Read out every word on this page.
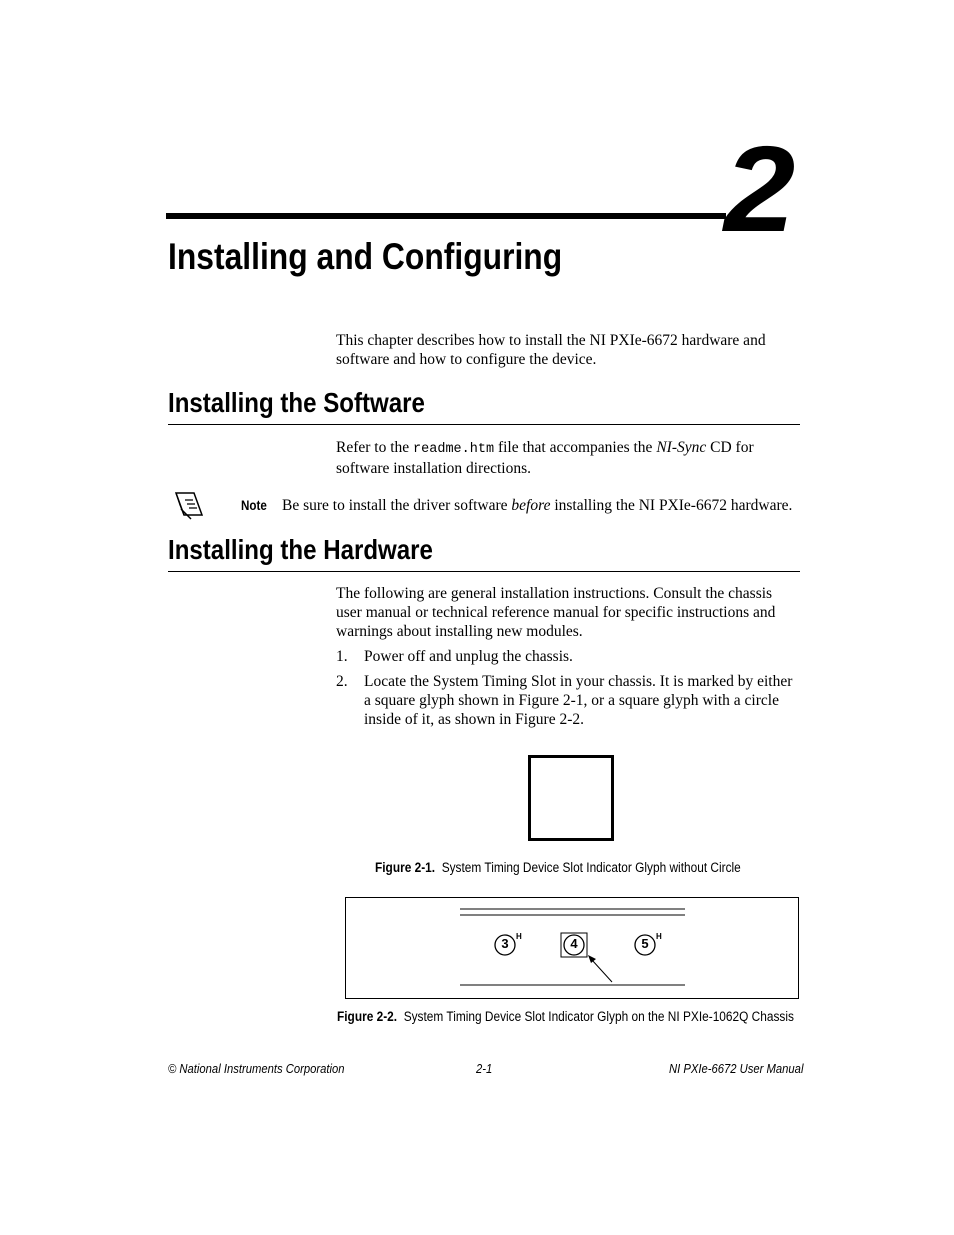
2
Installing and Configuring
This chapter describes how to install the NI PXIe-6672 hardware and software and how to configure the device.
Installing the Software
Refer to the readme.htm file that accompanies the NI-Sync CD for software installation directions.
Note Be sure to install the driver software before installing the NI PXIe-6672 hardware.
Installing the Hardware
The following are general installation instructions. Consult the chassis user manual or technical reference manual for specific instructions and warnings about installing new modules.
1. Power off and unplug the chassis.
2. Locate the System Timing Slot in your chassis. It is marked by either a square glyph shown in Figure 2-1, or a square glyph with a circle inside of it, as shown in Figure 2-2.
Figure 2-1. System Timing Device Slot Indicator Glyph without Circle
3 H	4	5 H
Figure 2-2. System Timing Device Slot Indicator Glyph on the NI PXIe-1062Q Chassis
© National Instruments Corporation	2-1	NI PXIe-6672 User Manual
